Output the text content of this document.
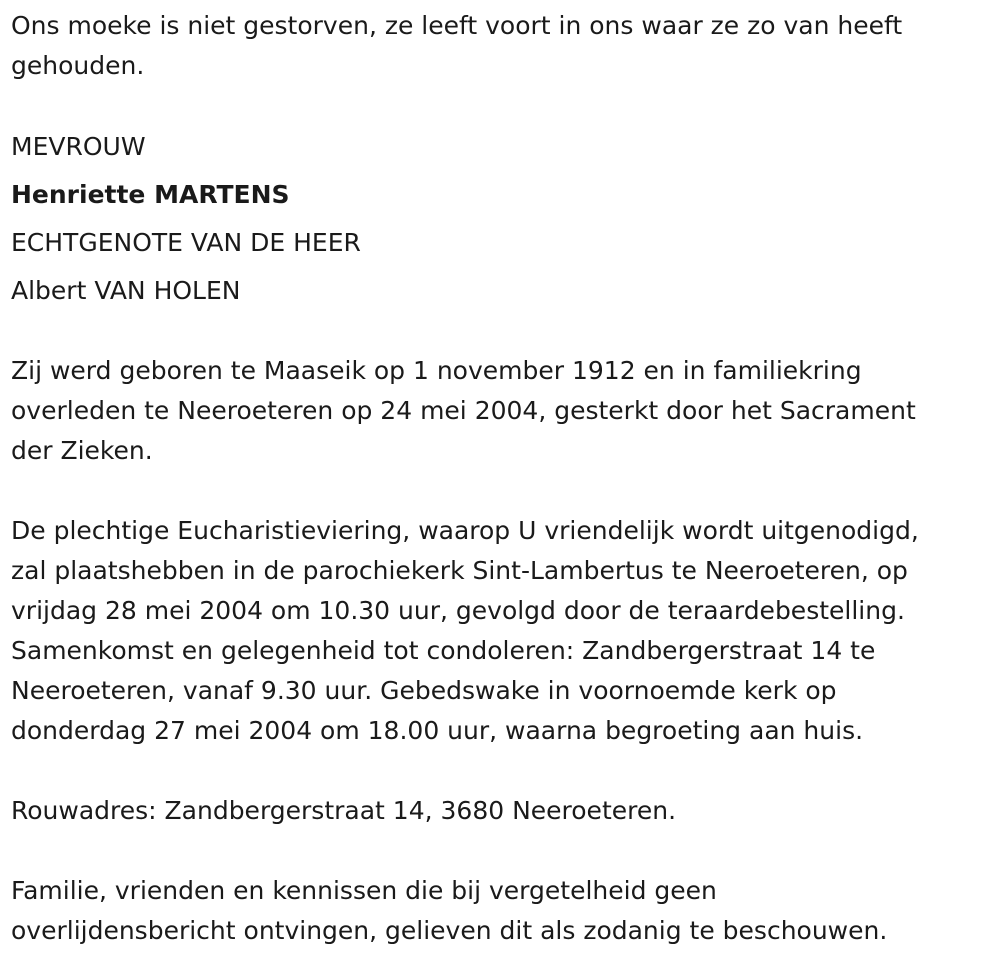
Ons moeke is niet gestorven, ze leeft voort in ons waar ze zo van heeft
gehouden.
MEVROUW
Henriette MARTENS
ECHTGENOTE VAN DE HEER
Albert VAN HOLEN
Zij werd geboren te Maaseik op 1 november 1912 en in familiekring
overleden te Neeroeteren op 24 mei 2004, gesterkt door het Sacrament
der Zieken.
De plechtige Eucharistieviering, waarop U vriendelijk wordt uitgenodigd,
zal plaatshebben in de parochiekerk Sint-Lambertus te Neeroeteren, op
vrijdag 28 mei 2004 om 10.30 uur, gevolgd door de teraardebestelling.
Samenkomst en gelegenheid tot condoleren: Zandbergerstraat 14 te
Neeroeteren, vanaf 9.30 uur. Gebedswake in voornoemde kerk op
donderdag 27 mei 2004 om 18.00 uur, waarna begroeting aan huis.
Rouwadres: Zandbergerstraat 14, 3680 Neeroeteren.
Familie, vrienden en kennissen die bij vergetelheid geen
overlijdensbericht ontvingen, gelieven dit als zodanig te beschouwen.
